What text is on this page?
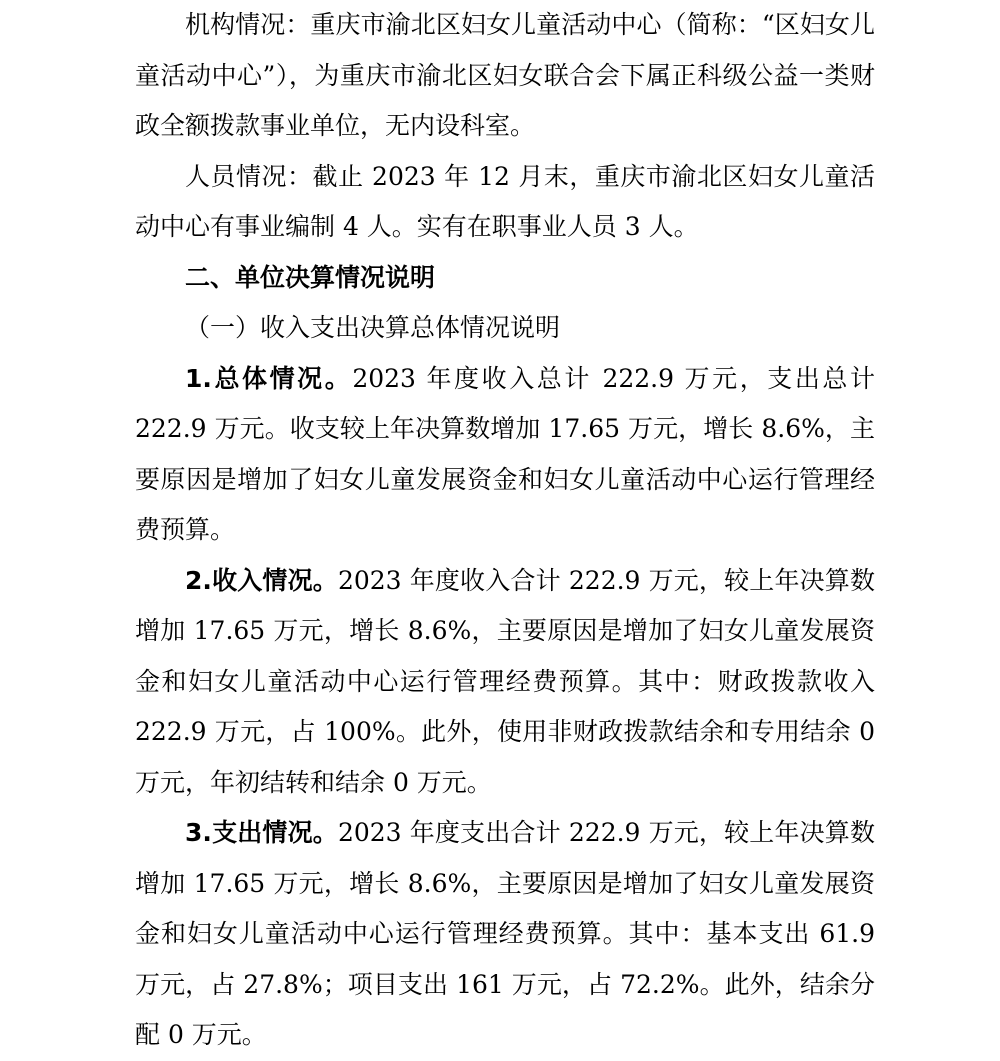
机构情况：重庆市渝北区妇女儿童活动中心（简称：“区妇女儿童活动中心”），为重庆市渝北区妇女联合会下属正科级公益一类财政全额拨款事业单位，无内设科室。

人员情况：截止 2023 年 12 月末，重庆市渝北区妇女儿童活动中心有事业编制 4 人。实有在职事业人员 3 人。

二、单位决算情况说明

（一）收入支出决算总体情况说明

1.总体情况。2023 年度收入总计 222.9 万元，支出总计 222.9 万元。收支较上年决算数增加 17.65 万元，增长 8.6%，主要原因是增加了妇女儿童发展资金和妇女儿童活动中心运行管理经费预算。

2.收入情况。2023 年度收入合计 222.9 万元，较上年决算数增加 17.65 万元，增长 8.6%，主要原因是增加了妇女儿童发展资金和妇女儿童活动中心运行管理经费预算。其中：财政拨款收入 222.9 万元，占 100%。此外，使用非财政拨款结余和专用结余 0 万元，年初结转和结余 0 万元。

3.支出情况。2023 年度支出合计 222.9 万元，较上年决算数增加 17.65 万元，增长 8.6%，主要原因是增加了妇女儿童发展资金和妇女儿童活动中心运行管理经费预算。其中：基本支出 61.9 万元，占 27.8%；项目支出 161 万元，占 72.2%。此外，结余分配 0 万元。
